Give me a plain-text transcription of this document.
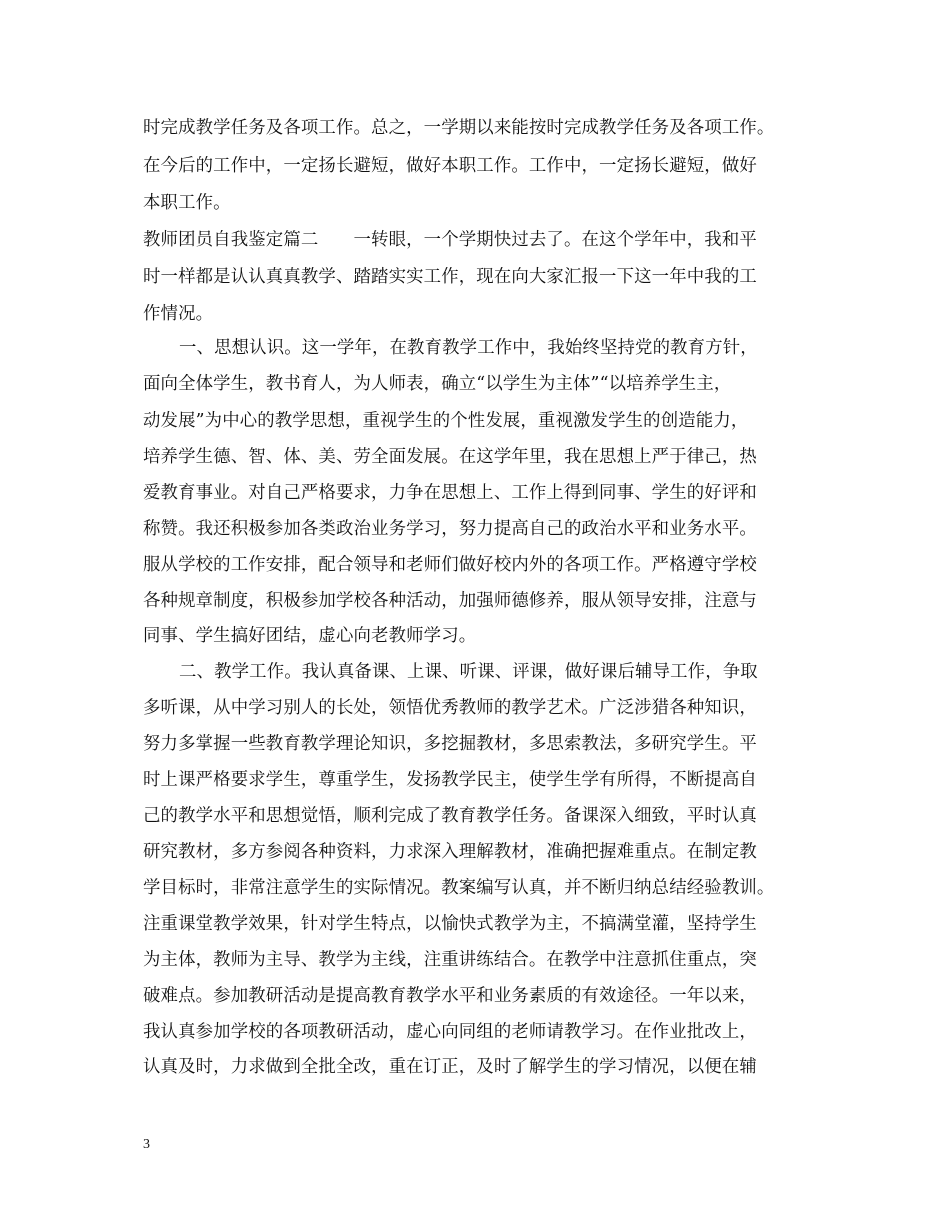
时完成教学任务及各项工作。总之，一学期以来能按时完成教学任务及各项工作。
在今后的工作中，一定扬长避短，做好本职工作。工作中，一定扬长避短，做好
本职工作。
教师团员自我鉴定篇二　　一转眼，一个学期快过去了。在这个学年中，我和平
时一样都是认认真真教学、踏踏实实工作，现在向大家汇报一下这一年中我的工
作情况。
一、思想认识。这一学年，在教育教学工作中，我始终坚持党的教育方针，
面向全体学生，教书育人，为人师表，确立“以学生为主体”“以培养学生主，
动发展”为中心的教学思想，重视学生的个性发展，重视激发学生的创造能力，
培养学生德、智、体、美、劳全面发展。在这学年里，我在思想上严于律己，热
爱教育事业。对自己严格要求，力争在思想上、工作上得到同事、学生的好评和
称赞。我还积极参加各类政治业务学习，努力提高自己的政治水平和业务水平。
服从学校的工作安排，配合领导和老师们做好校内外的各项工作。严格遵守学校
各种规章制度，积极参加学校各种活动，加强师德修养，服从领导安排，注意与
同事、学生搞好团结，虚心向老教师学习。
二、教学工作。我认真备课、上课、听课、评课，做好课后辅导工作，争取
多听课，从中学习别人的长处，领悟优秀教师的教学艺术。广泛涉猎各种知识，
努力多掌握一些教育教学理论知识，多挖掘教材，多思索教法，多研究学生。平
时上课严格要求学生，尊重学生，发扬教学民主，使学生学有所得，不断提高自
己的教学水平和思想觉悟，顺利完成了教育教学任务。备课深入细致，平时认真
研究教材，多方参阅各种资料，力求深入理解教材，准确把握难重点。在制定教
学目标时，非常注意学生的实际情况。教案编写认真，并不断归纳总结经验教训。
注重课堂教学效果，针对学生特点，以愉快式教学为主，不搞满堂灌，坚持学生
为主体，教师为主导、教学为主线，注重讲练结合。在教学中注意抓住重点，突
破难点。参加教研活动是提高教育教学水平和业务素质的有效途径。一年以来，
我认真参加学校的各项教研活动，虚心向同组的老师请教学习。在作业批改上，
认真及时，力求做到全批全改，重在订正，及时了解学生的学习情况，以便在辅
3
